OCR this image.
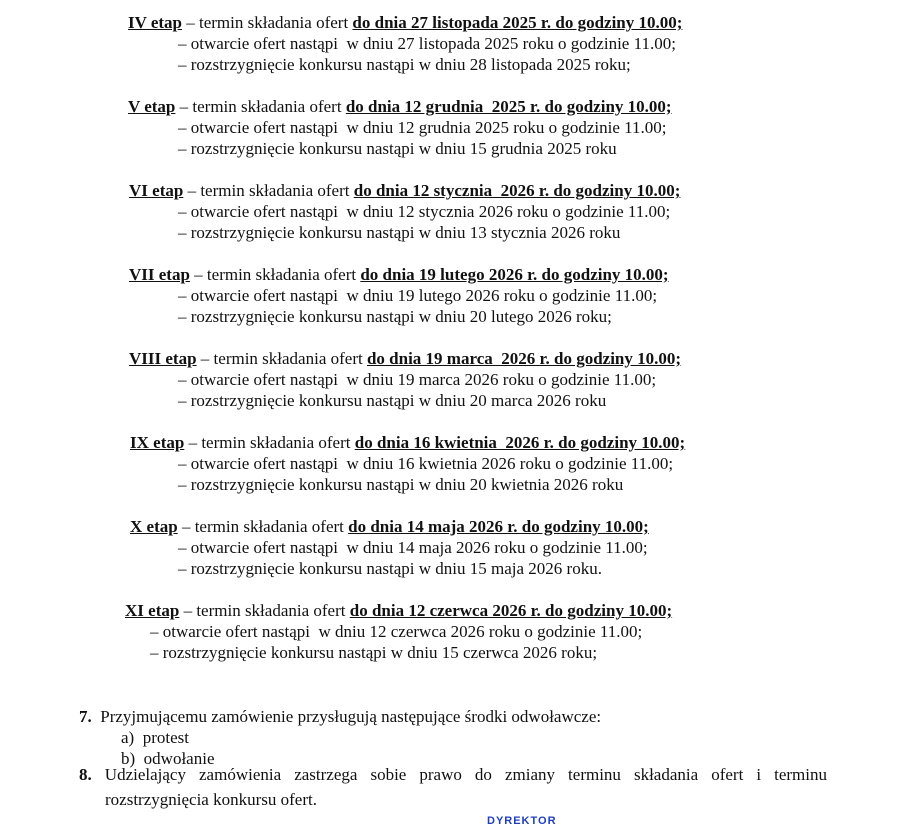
IV etap – termin składania ofert do dnia 27 listopada 2025 r. do godziny 10.00;
– otwarcie ofert nastąpi  w dniu 27 listopada 2025 roku o godzinie 11.00;
– rozstrzygnięcie konkursu nastąpi w dniu 28 listopada 2025 roku;
V etap – termin składania ofert do dnia 12 grudnia  2025 r. do godziny 10.00;
– otwarcie ofert nastąpi  w dniu 12 grudnia 2025 roku o godzinie 11.00;
– rozstrzygnięcie konkursu nastąpi w dniu 15 grudnia 2025 roku
VI etap – termin składania ofert do dnia 12 stycznia  2026 r. do godziny 10.00;
– otwarcie ofert nastąpi  w dniu 12 stycznia 2026 roku o godzinie 11.00;
– rozstrzygnięcie konkursu nastąpi w dniu 13 stycznia 2026 roku
VII etap – termin składania ofert do dnia 19 lutego 2026 r. do godziny 10.00;
– otwarcie ofert nastąpi  w dniu 19 lutego 2026 roku o godzinie 11.00;
– rozstrzygnięcie konkursu nastąpi w dniu 20 lutego 2026 roku;
VIII etap – termin składania ofert do dnia 19 marca  2026 r. do godziny 10.00;
– otwarcie ofert nastąpi  w dniu 19 marca 2026 roku o godzinie 11.00;
– rozstrzygnięcie konkursu nastąpi w dniu 20 marca 2026 roku
IX etap – termin składania ofert do dnia 16 kwietnia  2026 r. do godziny 10.00;
– otwarcie ofert nastąpi  w dniu 16 kwietnia 2026 roku o godzinie 11.00;
– rozstrzygnięcie konkursu nastąpi w dniu 20 kwietnia 2026 roku
X etap – termin składania ofert do dnia 14 maja 2026 r. do godziny 10.00;
– otwarcie ofert nastąpi  w dniu 14 maja 2026 roku o godzinie 11.00;
– rozstrzygnięcie konkursu nastąpi w dniu 15 maja 2026 roku.
XI etap – termin składania ofert do dnia 12 czerwca 2026 r. do godziny 10.00;
– otwarcie ofert nastąpi  w dniu 12 czerwca 2026 roku o godzinie 11.00;
– rozstrzygnięcie konkursu nastąpi w dniu 15 czerwca 2026 roku;
7. Przyjmującemu zamówienie przysługują następujące środki odwoławcze:
a) protest
b) odwołanie
8. Udzielający zamówienia zastrzega sobie prawo do zmiany terminu składania ofert i terminu
rozstrzygnięcia konkursu ofert.
DYREKTOR
